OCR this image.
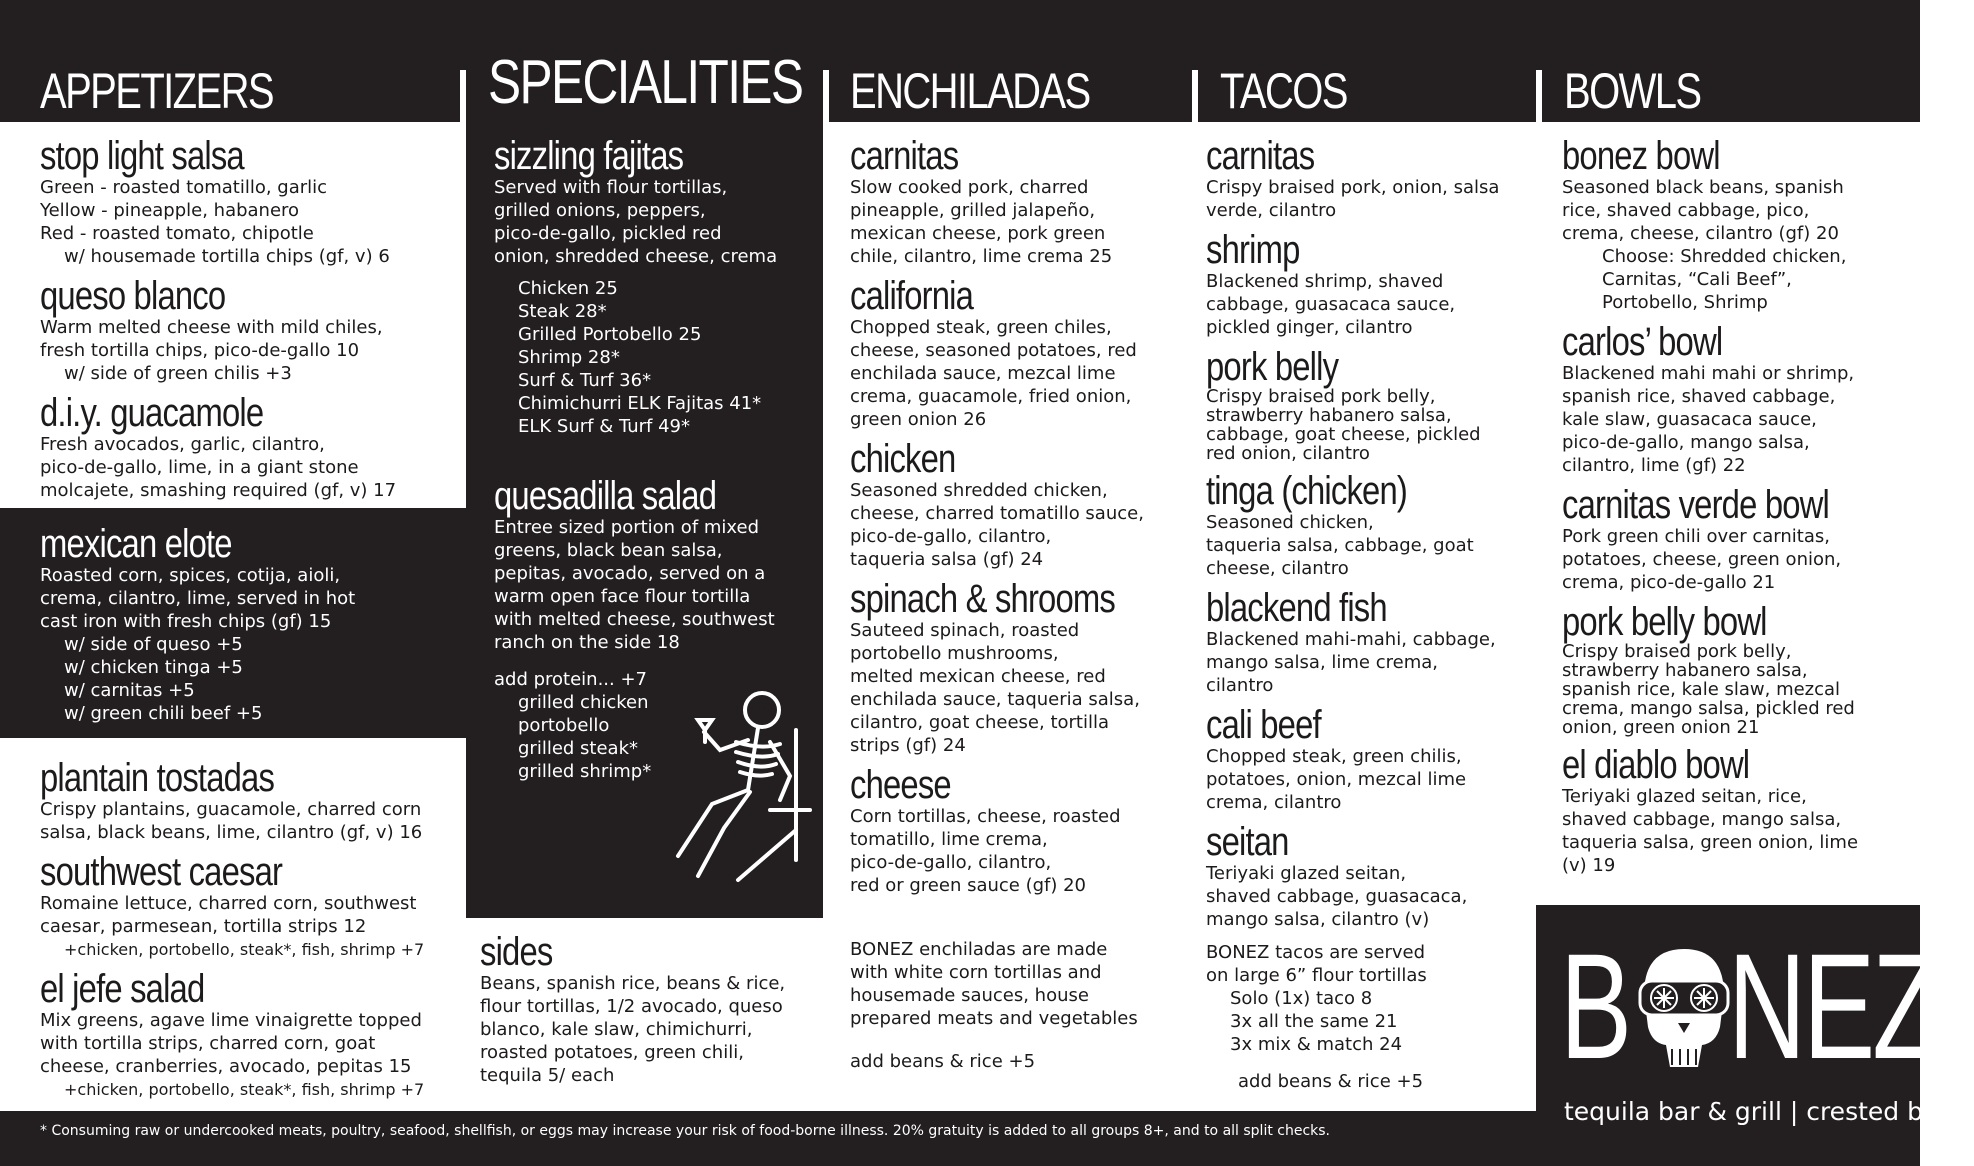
* Consuming raw or undercooked meats, poultry, seafood, shellfish, or eggs may increase your risk of food-borne illness. 20% gratuity is added to all groups 8+, and to all split checks.
APPETIZERS	SPECIALITIES ENCHILADAS	TACOS	BOWLS
stop light salsa
Green - roasted tomatillo, garlic
Yellow - pineapple, habanero
Red - roasted tomato, chipotle
w/ housemade tortilla chips (gf, v) 6
queso blanco
Warm melted cheese with mild chiles,
fresh tortilla chips, pico-de-gallo 10
w/ side of green chilis +3
d.i.y. guacamole
Fresh avocados, garlic, cilantro,
pico-de-gallo, lime, in a giant stone
molcajete, smashing required (gf, v) 17
mexican elote
Roasted corn, spices, cotija, aioli,
crema, cilantro, lime, served in hot
cast iron with fresh chips (gf) 15
w/ side of queso +5
w/ chicken tinga +5
w/ carnitas +5
w/ green chili beef +5
plantain tostadas
Crispy plantains, guacamole, charred corn
salsa, black beans, lime, cilantro (gf, v) 16
southwest caesar
Romaine lettuce, charred corn, southwest
caesar, parmesean, tortilla strips 12
+chicken, portobello, steak*, fish, shrimp +7
el jefe salad
Mix greens, agave lime vinaigrette topped
with tortilla strips, charred corn, goat
cheese, cranberries, avocado, pepitas 15
+chicken, portobello, steak*, fish, shrimp +7
sizzling fajitas
Served with flour tortillas,
grilled onions, peppers,
pico-de-gallo, pickled red
onion, shredded cheese, crema
Chicken 25
Steak 28*
Grilled Portobello 25
Shrimp 28*
Surf & Turf 36*
Chimichurri ELK Fajitas 41*
ELK Surf & Turf 49*
quesadilla salad
Entree sized portion of mixed
greens, black bean salsa,
pepitas, avocado, served on a
warm open face flour tortilla
with melted cheese, southwest
ranch on the side 18
add protein... +7
grilled chicken
portobello
grilled steak*
grilled shrimp*
sides
Beans, spanish rice, beans & rice,
flour tortillas, 1/2 avocado, queso
blanco, kale slaw, chimichurri,
roasted potatoes, green chili,
tequila 5/ each
carnitas
Slow cooked pork, charred
pineapple, grilled jalapeño,
mexican cheese, pork green
chile, cilantro, lime crema 25
california
Chopped steak, green chiles,
cheese, seasoned potatoes, red
enchilada sauce, mezcal lime
crema, guacamole, fried onion,
green onion 26
chicken
Seasoned shredded chicken,
cheese, charred tomatillo sauce,
pico-de-gallo, cilantro,
taqueria salsa (gf) 24
spinach & shrooms
Sauteed spinach, roasted
portobello mushrooms,
melted mexican cheese, red
enchilada sauce, taqueria salsa,
cilantro, goat cheese, tortilla
strips (gf) 24
cheese
Corn tortillas, cheese, roasted
tomatillo, lime crema,
pico-de-gallo, cilantro,
red or green sauce (gf) 20
BONEZ enchiladas are made
with white corn tortillas and
housemade sauces, house
prepared meats and vegetables
add beans & rice +5
carnitas
Crispy braised pork, onion, salsa
verde, cilantro
shrimp
Blackened shrimp, shaved
cabbage, guasacaca sauce,
pickled ginger, cilantro
pork belly
Crispy braised pork belly,
strawberry habanero salsa,
cabbage, goat cheese, pickled
red onion, cilantro
tinga (chicken)
Seasoned chicken,
taqueria salsa, cabbage, goat
cheese, cilantro
blackend fish
Blackened mahi-mahi, cabbage,
mango salsa, lime crema,
cilantro
cali beef
Chopped steak, green chilis,
potatoes, onion, mezcal lime
crema, cilantro
seitan
Teriyaki glazed seitan,
shaved cabbage, guasacaca,
mango salsa, cilantro (v)
BONEZ tacos are served
on large 6” flour tortillas
Solo (1x) taco 8
3x all the same 21
3x mix & match 24
add beans & rice +5
bonez bowl
Seasoned black beans, spanish
rice, shaved cabbage, pico,
crema, cheese, cilantro (gf) 20
Choose: Shredded chicken,
Carnitas, “Cali Beef”,
Portobello, Shrimp
carlos’ bowl
Blackened mahi mahi or shrimp,
spanish rice, shaved cabbage,
kale slaw, guasacaca sauce,
pico-de-gallo, mango salsa,
cilantro, lime (gf) 22
carnitas verde bowl
Pork green chili over carnitas,
potatoes, cheese, green onion,
crema, pico-de-gallo 21
pork belly bowl
Crispy braised pork belly,
strawberry habanero salsa,
spanish rice, kale slaw, mezcal
crema, mango salsa, pickled red
onion, green onion 21
el diablo bowl
Teriyaki glazed seitan, rice,
shaved cabbage, mango salsa,
taqueria salsa, green onion, lime
(v) 19
B NEZ
tequila bar & grill | crested butte
